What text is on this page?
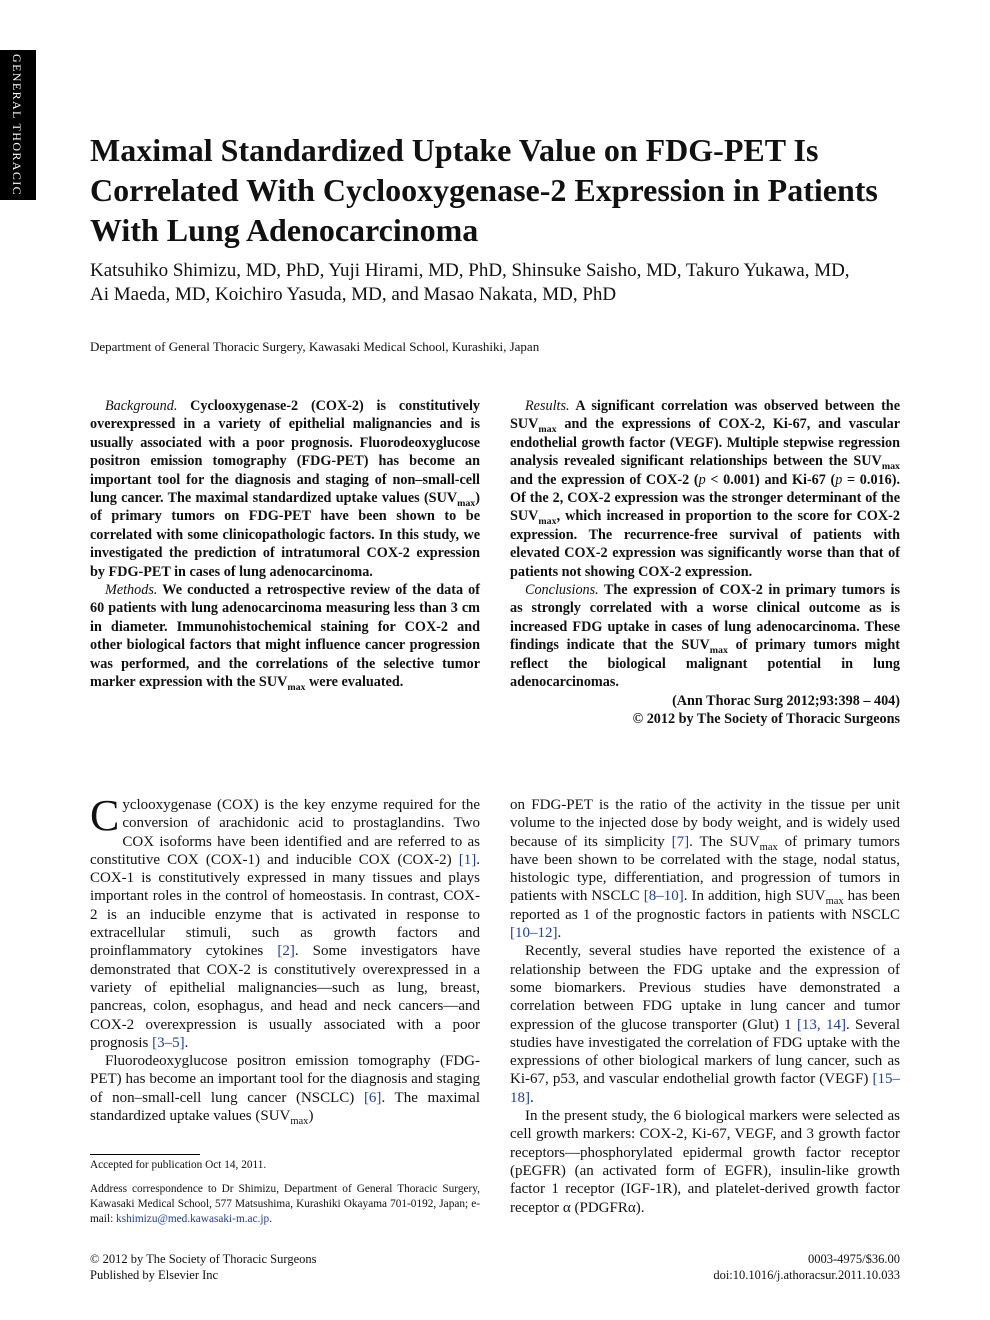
GENERAL THORACIC Maximal Standardized Uptake Value on FDG-PET Is Correlated With Cyclooxygenase-2 Expression in Patients With Lung Adenocarcinoma
Katsuhiko Shimizu, MD, PhD, Yuji Hirami, MD, PhD, Shinsuke Saisho, MD, Takuro Yukawa, MD, Ai Maeda, MD, Koichiro Yasuda, MD, and Masao Nakata, MD, PhD
Department of General Thoracic Surgery, Kawasaki Medical School, Kurashiki, Japan

Background. Cyclooxygenase-2 (COX-2) is constitutively overexpressed in a variety of epithelial malignancies and is usually associated with a poor prognosis. Fluorodeoxyglucose positron emission tomography (FDG-PET) has become an important tool for the diagnosis and staging of non–small-cell lung cancer. The maximal standardized uptake values $(SUV_{max})$ of primary tumors on FDG-PET have been shown to be correlated with some clinicopathologic factors. In this study, we investigated the prediction of intratumoral COX-2 expression by FDG-PET in cases of lung adenocarcinoma.

Methods. We conducted a retrospective review of the data of 60 patients with lung adenocarcinoma measuring less than 3 cm in diameter. Immunohistochemical staining for COX-2 and other biological factors that might influence cancer progression was performed, and the correlations of the selective tumor marker expression with the $SUV_{max}$ were evaluated.

Results. A significant correlation was observed between the $SUV_{max}$ and the expressions of COX-2, Ki-67, and vascular endothelial growth factor (VEGF). Multiple stepwise regression analysis revealed significant relationships between the $SUV_{max}$ and the expression of COX-2 (p < 0.001) and Ki-67 (p = 0.016). Of the 2, COX-2 expression was the stronger determinant of the $SUV_{max}$, which increased in proportion to the score for COX-2 expression. The recurrence-free survival of patients with elevated COX-2 expression was significantly worse than that of patients not showing COX-2 expression.

Conclusions. The expression of COX-2 in primary tumors is as strongly correlated with a worse clinical outcome as is increased FDG uptake in cases of lung adenocarcinoma. These findings indicate that the $SUV_{max}$ of primary tumors might reflect the biological malignant potential in lung adenocarcinomas.

(Ann Thorac Surg 2012;93:398 – 404)

© 2012 by The Society of Thoracic Surgeons

Cyclooxygenase (COX) is the key enzyme required for the conversion of arachidonic acid to prostaglandins. Two COX isoforms have been identified and are referred to as constitutive COX (COX-1) and inducible COX (COX-2) [1]. COX-1 is constitutively expressed in many tissues and plays important roles in the control of homeostasis. In contrast, COX-2 is an inducible enzyme that is activated in response to extracellular stimuli, such as growth factors and proinflammatory cytokines [2]. Some investigators have demonstrated that COX-2 is constitutively overexpressed in a variety of epithelial malignancies—such as lung, breast, pancreas, colon, esophagus, and head and neck cancers—and COX-2 overexpression is usually associated with a poor prognosis [3–5].

Fluorodeoxyglucose positron emission tomography (FDG-PET) has become an important tool for the diagnosis and staging of non–small-cell lung cancer (NSCLC) [6]. The maximal standardized uptake values $(SUV_{max})$

on FDG-PET is the ratio of the activity in the tissue per unit volume to the injected dose by body weight, and is widely used because of its simplicity [7]. The $SUV_{max}$ of primary tumors have been shown to be correlated with the stage, nodal status, histologic type, differentiation, and progression of tumors in patients with NSCLC [8–10]. In addition, high $SUV_{max}$ has been reported as 1 of the prognostic factors in patients with NSCLC [10–12].

Recently, several studies have reported the existence of a relationship between the FDG uptake and the expression of some biomarkers. Previous studies have demonstrated a correlation between FDG uptake in lung cancer and tumor expression of the glucose transporter (Glut) 1 [13, 14]. Several studies have investigated the correlation of FDG uptake with the expressions of other biological markers of lung cancer, such as Ki-67, p53, and vascular endothelial growth factor (VEGF) [15–18].

In the present study, the 6 biological markers were selected as cell growth markers: COX-2, Ki-67, VEGF, and 3 growth factor receptors—phosphorylated epidermal growth factor receptor (pEGFR) (an activated form of EGFR), insulin-like growth factor 1 receptor (IGF-1R), and platelet-derived growth factor receptor α (PDGFRα).

Accepted for publication Oct 14, 2011.
Address correspondence to Dr Shimizu, Department of General Thoracic Surgery, Kawasaki Medical School, 577 Matsushima, Kurashiki Okayama 701-0192, Japan; e-mail: kshimizu@med.kawasaki-m.ac.jp.
© 2012 by The Society of Thoracic Surgeons
Published by Elsevier Inc
0003-4975/$36.00
doi:10.1016/j.athoracsur.2011.10.033
